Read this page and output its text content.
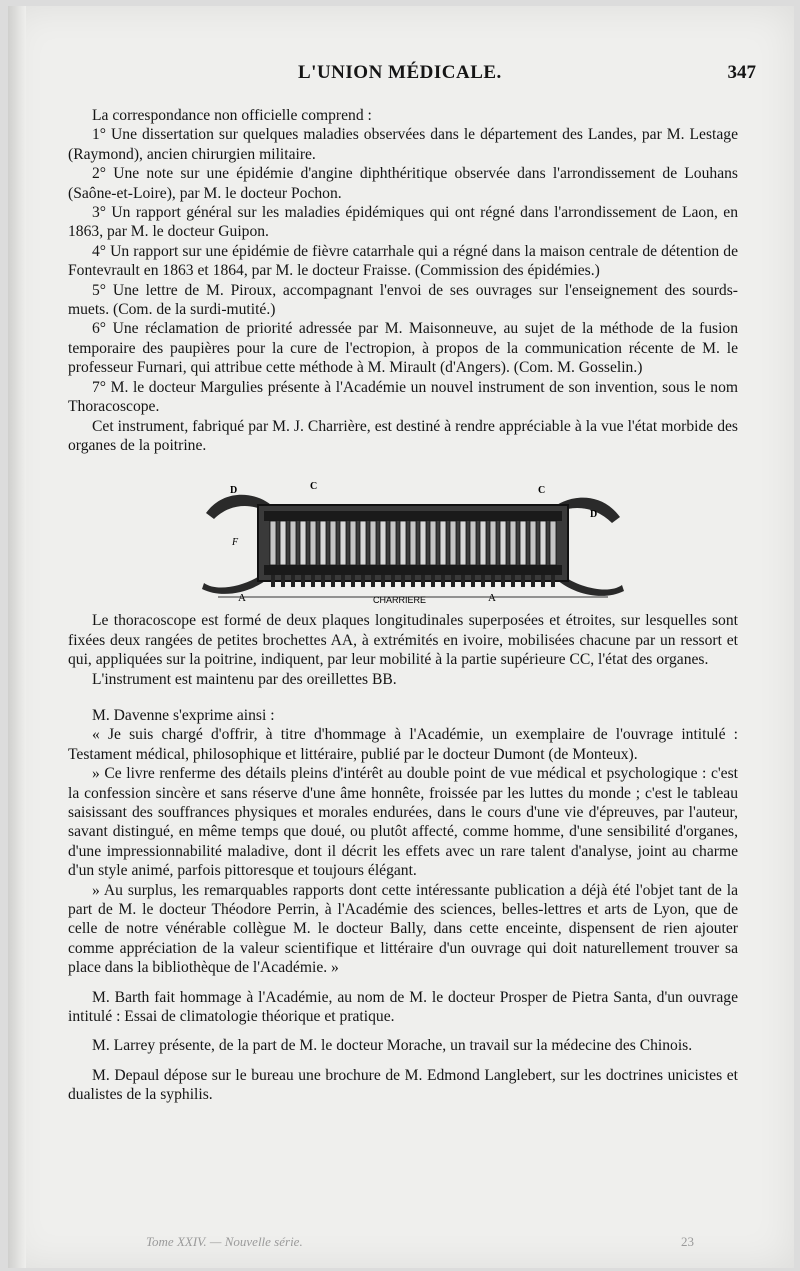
L'UNION MÉDICALE.	347

La correspondance non officielle comprend :

1° Une dissertation sur quelques maladies observées dans le département des Landes, par M. Lestage (Raymond), ancien chirurgien militaire.

2° Une note sur une épidémie d'angine diphthéritique observée dans l'arrondissement de Louhans (Saône-et-Loire), par M. le docteur Pochon.

3° Un rapport général sur les maladies épidémiques qui ont régné dans l'arrondissement de Laon, en 1863, par M. le docteur Guipon.

4° Un rapport sur une épidémie de fièvre catarrhale qui a régné dans la maison centrale de détention de Fontevrault en 1863 et 1864, par M. le docteur Fraisse. (Commission des épidémies.)

5° Une lettre de M. Piroux, accompagnant l'envoi de ses ouvrages sur l'enseignement des sourds-muets. (Com. de la surdi-mutité.)

6° Une réclamation de priorité adressée par M. Maisonneuve, au sujet de la méthode de la fusion temporaire des paupières pour la cure de l'ectropion, à propos de la communication récente de M. le professeur Furnari, qui attribue cette méthode à M. Mirault (d'Angers). (Com. M. Gosselin.)

7° M. le docteur Margulies présente à l'Académie un nouvel instrument de son invention, sous le nom Thoracoscope.

Cet instrument, fabriqué par M. J. Charrière, est destiné à rendre appréciable à la vue l'état morbide des organes de la poitrine.

A	A
CHARRIERE
D
D
C	C
F

Le thoracoscope est formé de deux plaques longitudinales superposées et étroites, sur lesquelles sont fixées deux rangées de petites brochettes AA, à extrémités en ivoire, mobilisées chacune par un ressort et qui, appliquées sur la poitrine, indiquent, par leur mobilité à la partie supérieure CC, l'état des organes.

L'instrument est maintenu par des oreillettes BB.

M. Davenne s'exprime ainsi :

« Je suis chargé d'offrir, à titre d'hommage à l'Académie, un exemplaire de l'ouvrage intitulé : Testament médical, philosophique et littéraire, publié par le docteur Dumont (de Monteux).

» Ce livre renferme des détails pleins d'intérêt au double point de vue médical et psychologique : c'est la confession sincère et sans réserve d'une âme honnête, froissée par les luttes du monde ; c'est le tableau saisissant des souffrances physiques et morales endurées, dans le cours d'une vie d'épreuves, par l'auteur, savant distingué, en même temps que doué, ou plutôt affecté, comme homme, d'une sensibilité d'organes, d'une impressionnabilité maladive, dont il décrit les effets avec un rare talent d'analyse, joint au charme d'un style animé, parfois pittoresque et toujours élégant.

» Au surplus, les remarquables rapports dont cette intéressante publication a déjà été l'objet tant de la part de M. le docteur Théodore Perrin, à l'Académie des sciences, belles-lettres et arts de Lyon, que de celle de notre vénérable collègue M. le docteur Bally, dans cette enceinte, dispensent de rien ajouter comme appréciation de la valeur scientifique et littéraire d'un ouvrage qui doit naturellement trouver sa place dans la bibliothèque de l'Académie. »

M. Barth fait hommage à l'Académie, au nom de M. le docteur Prosper de Pietra Santa, d'un ouvrage intitulé : Essai de climatologie théorique et pratique.

M. Larrey présente, de la part de M. le docteur Morache, un travail sur la médecine des Chinois.

M. Depaul dépose sur le bureau une brochure de M. Edmond Langlebert, sur les doctrines unicistes et dualistes de la syphilis.

Tome XXIV. — Nouvelle série.	23
